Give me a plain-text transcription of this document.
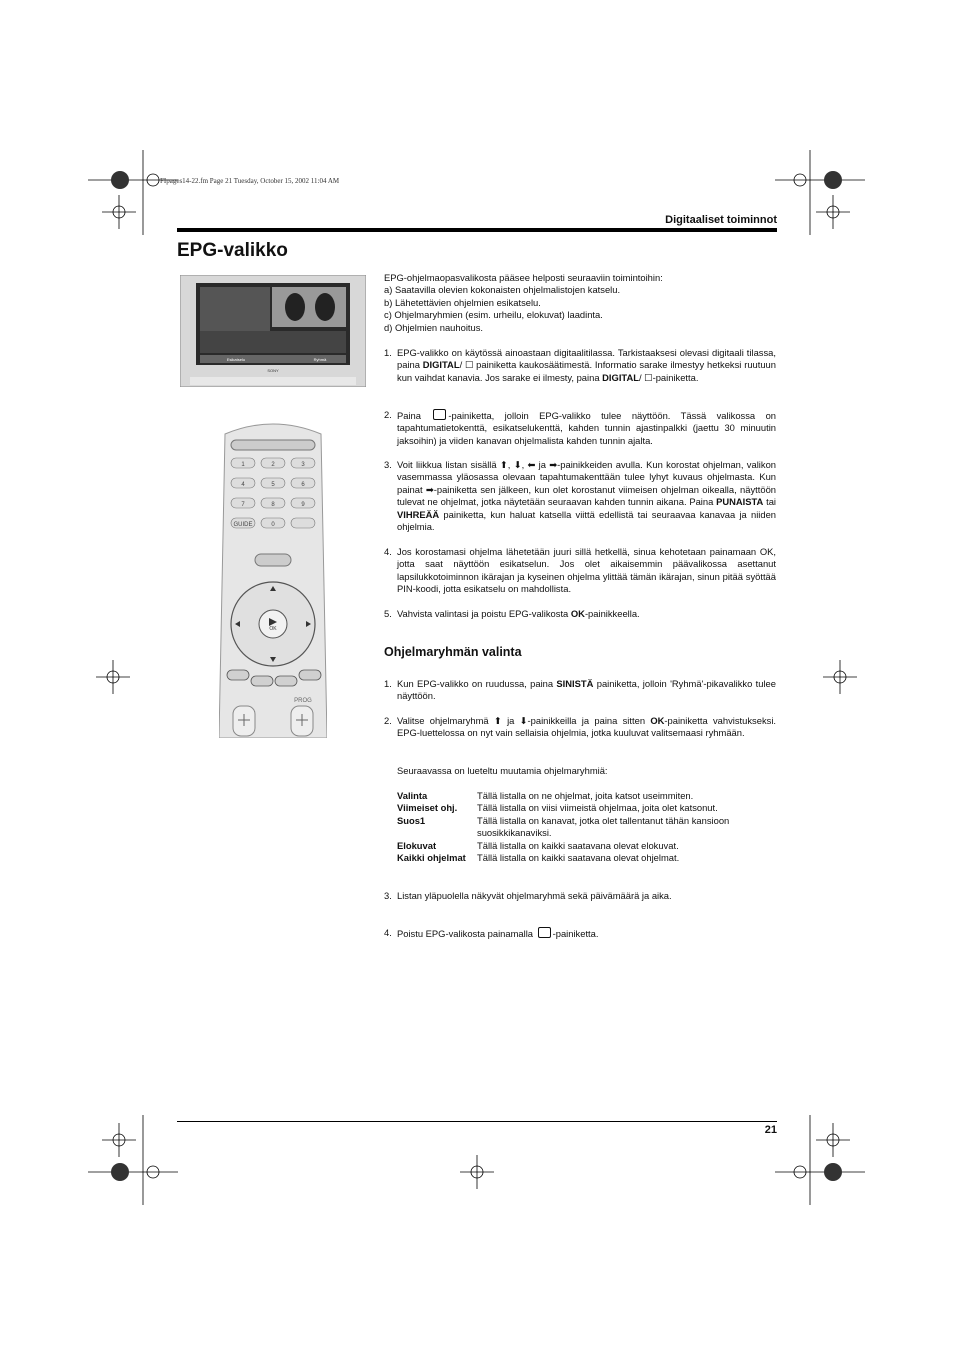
FIpages14-22.fm Page 21 Tuesday, October 15, 2002 11:04 AM
Digitaaliset toiminnot
EPG-valikko
Esikatselu	Ryhmä
SONY
1	2	3
4	5	6
7	8	9
GUIDE	0
OK
PROG

EPG-ohjelmaopasvalikosta pääsee helposti seuraaviin toimintoihin:

a) Saatavilla olevien kokonaisten ohjelmalistojen katselu.

b) Lähetettävien ohjelmien esikatselu.

c) Ohjelmaryhmien (esim. urheilu, elokuvat) laadinta.

d) Ohjelmien nauhoitus.

1. EPG-valikko on käytössä ainoastaan digitaalitilassa. Tarkistaaksesi olevasi digitaali tilassa, paina DIGITAL/ ☐ painiketta kaukosäätimestä. Informatio sarake ilmestyy hetkeksi ruutuun kun vaihdat kanavia. Jos sarake ei ilmesty, paina DIGITAL/ ☐-painiketta.
2. Paina -painiketta, jolloin EPG-valikko tulee näyttöön. Tässä valikossa on tapahtumatietokenttä, esikatselukenttä, kahden tunnin ajastinpalkki (jaettu 30 minuutin jaksoihin) ja viiden kanavan ohjelmalista kahden tunnin ajalta.
3. Voit liikkua listan sisällä ⬆, ⬇, ⬅ ja ➡-painikkeiden avulla. Kun korostat ohjelman, valikon vasemmassa yläosassa olevaan tapahtumakenttään tulee lyhyt kuvaus ohjelmasta. Kun painat ➡-painiketta sen jälkeen, kun olet korostanut viimeisen ohjelman oikealla, näyttöön tulevat ne ohjelmat, jotka näytetään seuraavan kahden tunnin aikana. Paina PUNAISTA tai VIHREÄÄ painiketta, kun haluat katsella viittä edellistä tai seuraavaa kanavaa ja niiden ohjelmia.
4. Jos korostamasi ohjelma lähetetään juuri sillä hetkellä, sinua kehotetaan painamaan OK, jotta saat näyttöön esikatselun. Jos olet aikaisemmin päävalikossa asettanut lapsilukkotoiminnon ikärajan ja kyseinen ohjelma ylittää tämän ikärajan, sinun pitää syöttää PIN-koodi, jotta esikatselu on mahdollista.
5. Vahvista valintasi ja poistu EPG-valikosta OK-painikkeella.
Ohjelmaryhmän valinta
1. Kun EPG-valikko on ruudussa, paina SINISTÄ painiketta, jolloin 'Ryhmä'-pikavalikko tulee näyttöön.
2. Valitse ohjelmaryhmä ⬆ ja ⬇-painikkeilla ja paina sitten OK-painiketta vahvistukseksi. EPG-luettelossa on nyt vain sellaisia ohjelmia, jotka kuuluvat valitsemaasi ryhmään.
Seuraavassa on lueteltu muutamia ohjelmaryhmiä:
Valinta	Tällä listalla on ne ohjelmat, joita katsot useimmiten.
Viimeiset ohj.	Tällä listalla on viisi viimeistä ohjelmaa, joita olet katsonut.
Suos1	Tällä listalla on kanavat, jotka olet tallentanut tähän kansioon suosikkikanaviksi.
Elokuvat	Tällä listalla on kaikki saatavana olevat elokuvat.
Kaikki ohjelmat	Tällä listalla on kaikki saatavana olevat ohjelmat.
3. Listan yläpuolella näkyvät ohjelmaryhmä sekä päivämäärä ja aika.
4. Poistu EPG-valikosta painamalla -painiketta.
21
